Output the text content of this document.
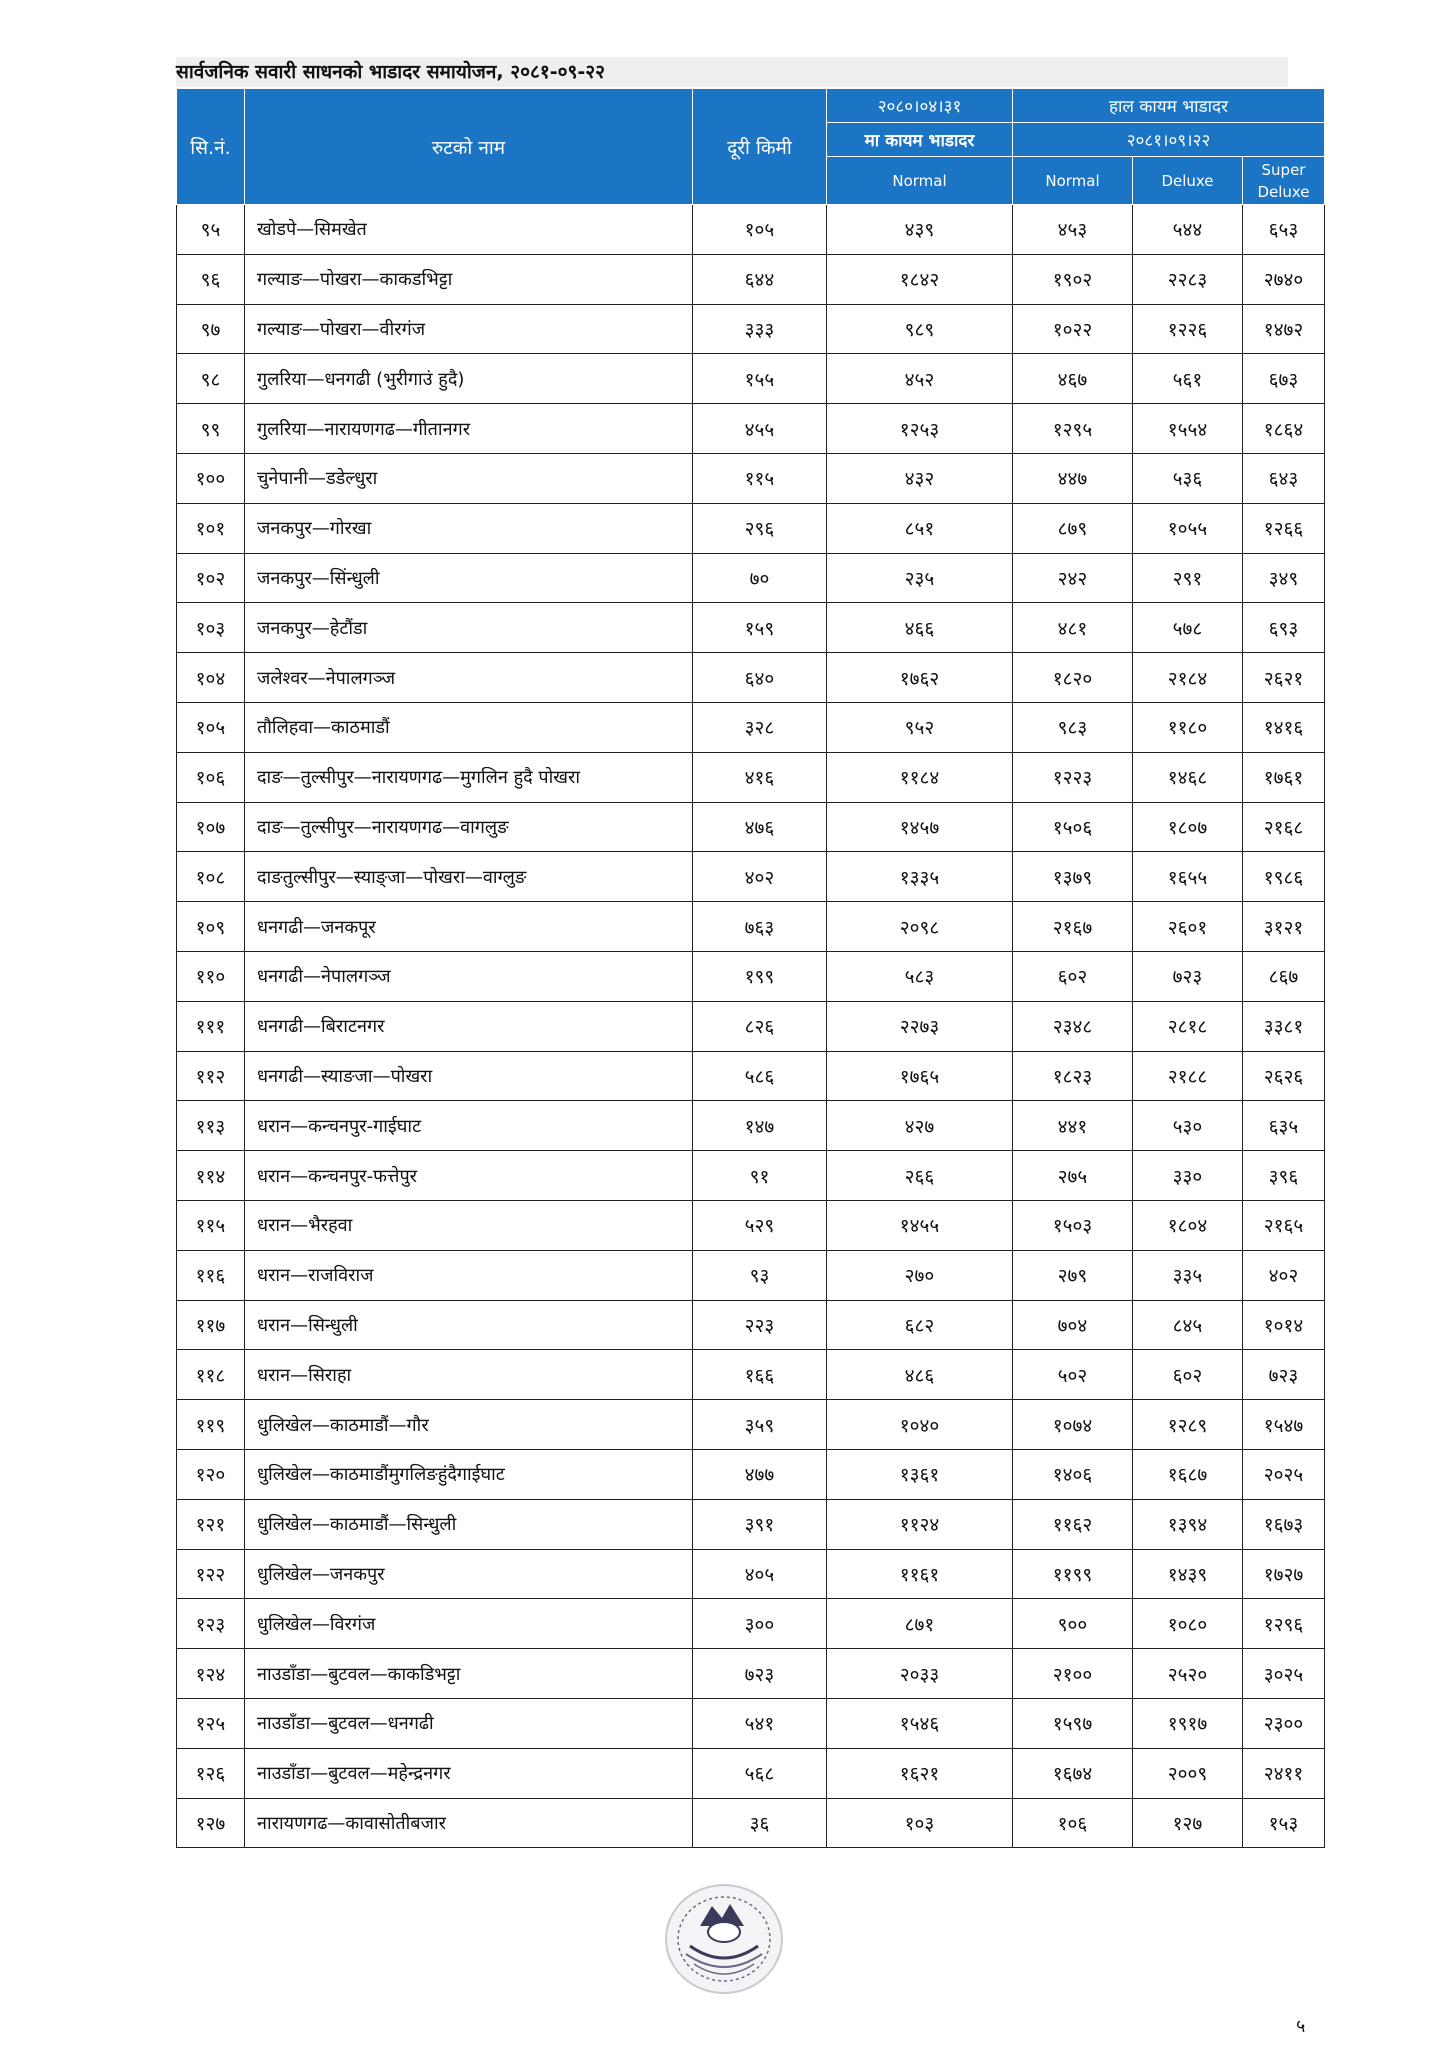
सार्वजनिक सवारी साधनको भाडादर समायोजन, २०८१-०९-२२
सि.नं.	रुटको नाम	दूरी किमी	२०८०।०४।३१	हाल कायम भाडादर		
			मा कायम भाडादर	२०८१।०९।२२		
			Normal	Normal	Deluxe	Super Deluxe
९५	खोडपे—सिमखेत	१०५	४३९	४५३	५४४	६५३
९६	गल्याङ—पोखरा—काकडभिट्टा	६४४	१८४२	१९०२	२२८३	२७४०
९७	गल्याङ—पोखरा—वीरगंज	३३३	९८९	१०२२	१२२६	१४७२
९८	गुलरिया—धनगढी (भुरीगाउं हुदै)	१५५	४५२	४६७	५६१	६७३
९९	गुलरिया—नारायणगढ—गीतानगर	४५५	१२५३	१२९५	१५५४	१८६४
१००	चुनेपानी—डडेल्धुरा	११५	४३२	४४७	५३६	६४३
१०१	जनकपुर—गोरखा	२९६	८५१	८७९	१०५५	१२६६
१०२	जनकपुर—सिंन्धुली	७०	२३५	२४२	२९१	३४९
१०३	जनकपुर—हेटौंडा	१५९	४६६	४८१	५७८	६९३
१०४	जलेश्वर—नेपालगञ्ज	६४०	१७६२	१८२०	२१८४	२६२१
१०५	तौलिहवा—काठमाडौं	३२८	९५२	९८३	११८०	१४१६
१०६	दाङ—तुल्सीपुर—नारायणगढ—मुगलिन हुदै पोखरा	४१६	११८४	१२२३	१४६८	१७६१
१०७	दाङ—तुल्सीपुर—नारायणगढ—वागलुङ	४७६	१४५७	१५०६	१८०७	२१६८
१०८	दाङतुल्सीपुर—स्याङ्जा—पोखरा—वाग्लुङ	४०२	१३३५	१३७९	१६५५	१९८६
१०९	धनगढी—जनकपूर	७६३	२०९८	२१६७	२६०१	३१२१
११०	धनगढी—नेपालगञ्ज	१९९	५८३	६०२	७२३	८६७
१११	धनगढी—बिराटनगर	८२६	२२७३	२३४८	२८१८	३३८१
११२	धनगढी—स्याङजा—पोखरा	५८६	१७६५	१८२३	२१८८	२६२६
११३	धरान—कन्चनपुर-गाईघाट	१४७	४२७	४४१	५३०	६३५
११४	धरान—कन्चनपुर-फत्तेपुर	९१	२६६	२७५	३३०	३९६
११५	धरान—भैरहवा	५२९	१४५५	१५०३	१८०४	२१६५
११६	धरान—राजविराज	९३	२७०	२७९	३३५	४०२
११७	धरान—सिन्धुली	२२३	६८२	७०४	८४५	१०१४
११८	धरान—सिराहा	१६६	४८६	५०२	६०२	७२३
११९	धुलिखेल—काठमाडौं—गौर	३५९	१०४०	१०७४	१२८९	१५४७
१२०	धुलिखेल—काठमाडौंमुगलिङहुंदैगाईघाट	४७७	१३६१	१४०६	१६८७	२०२५
१२१	धुलिखेल—काठमाडौं—सिन्धुली	३९१	११२४	११६२	१३९४	१६७३
१२२	धुलिखेल—जनकपुर	४०५	११६१	११९९	१४३९	१७२७
१२३	धुलिखेल—विरगंज	३००	८७१	९००	१०८०	१२९६
१२४	नाउडाँडा—बुटवल—काकडिभट्टा	७२३	२०३३	२१००	२५२०	३०२५
१२५	नाउडाँडा—बुटवल—धनगढी	५४१	१५४६	१५९७	१९१७	२३००
१२६	नाउडाँडा—बुटवल—महेन्द्रनगर	५६८	१६२१	१६७४	२००९	२४११
१२७	नारायणगढ—कावासोतीबजार	३६	१०३	१०६	१२७	१५३
५
